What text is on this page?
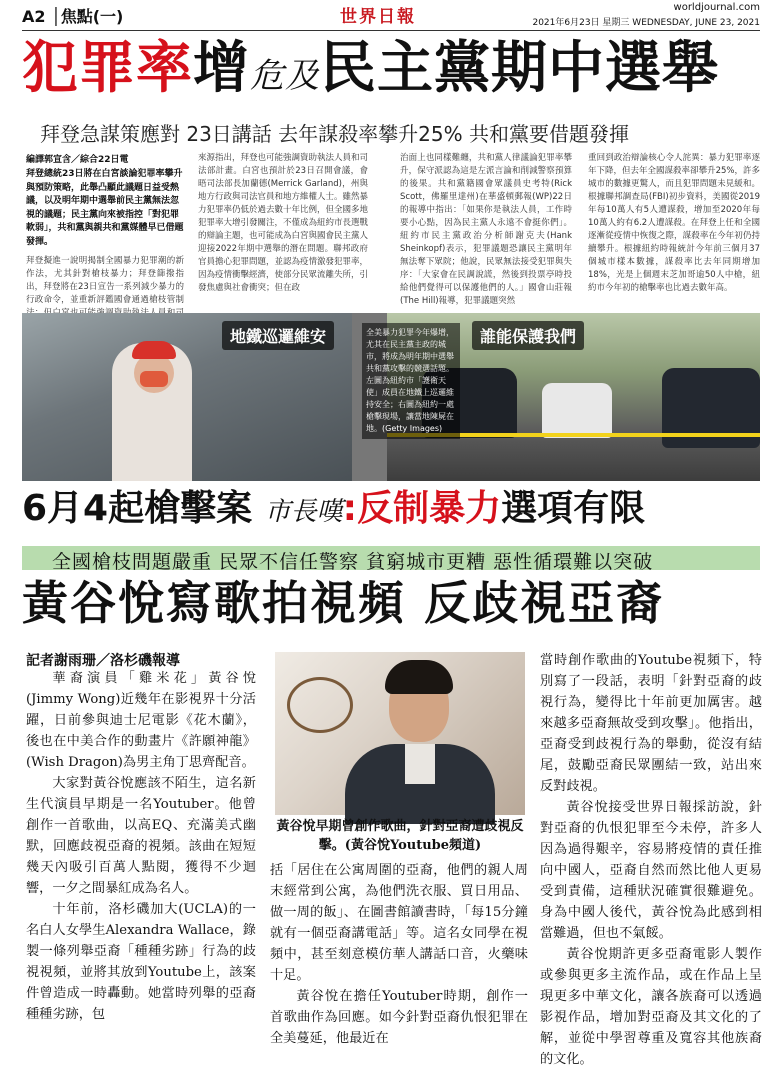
A2 │焦點(一)	世界日報	worldjournal.com
2021年6月23日 星期三 WEDNESDAY, JUNE 23, 2021
犯罪率增危及民主黨期中選舉
拜登急謀策應對 23日講話 去年謀殺率攀升25% 共和黨要借題發揮
編譯郭宣含／綜合22日電
拜登總統23日將在白宮談論犯罪率攀升與預防策略，此舉凸顯此議題日益受熱議，以及明年期中選舉前民主黨無法忽視的議題；民主黨向來被指控「對犯罪軟弱」，共和黨與親共和黨媒體早已借題發揮。
拜登擬進一說明揭制全國暴力犯罪潮的新作法，尤其針對槍枝暴力；拜登篩撥指出，拜登將在23日宣告一系列減少暴力的行政命令，並重新評鑑國會通過槍枝管制
來源指出，拜登也可能強調資助執法人員和司法部計畫。白宮也預計於23日召開會議，會晤司法部長加蘭德(Merrick Garland)，州與地方行政與司法官員和地方維權人士。雖然暴力犯罪率仍低於過去數十年比例，但全國多地犯罪率大增引發關注，不僅成為紐約市長選戰的辯論主題，也可能成為白宮與國會民主黨人迎接2022年期中選舉的潛在問題。聯邦政府官員擔心犯罪問題，並認為疫情激發犯罪率，因為疫情衝擊經濟，使部分民眾流離失所，引發焦慮與社會衝突；但在政
治面上也同樣難纏，共和黨人律議論犯罪率攀升，保守派認為這是左派言論和削減警察預算的後果。共和黨籍國會眾議員史考特(Rick Scott，佛羅里達州)在華盛頓郵報(WP)22日的報導中指出：「如果你是執法人員，工作時要小心點，因為民主黨人永遠不會挺你們」。紐約市民主黨政治分析師謝克夫(Hank Sheinkopf)表示，犯罪議題恐讓民主黨明年無法奪下眾院；他說，民眾無法接受犯罪與失序：「大家會在民調說謊，然後到投票亭時投給他們覺得可以保護他們的人。」國會山莊報(The Hill)報導，犯罪議題突然
重回到政治辯論核心令人詫異：暴力犯罪率逐年下降，但去年全國謀殺率卻攀升25%，許多城市的數據更驚人，而且犯罪問題未見緩和。根據聯邦調查局(FBI)初步資料，美國從2019年每10萬人有5人遭謀殺，增加至2020年每10萬人約有6.2人遭謀殺。在拜登上任和全國逐漸從疫情中恢復之際，謀殺率在今年初仍持續攀升。根據紐約時報統計今年前三個月37個城市樣本數據，謀殺率比去年同期增加18%，光是上個週末芝加哥逾50人中槍，紐約市今年初的槍擊率也比過去數年高。
地鐵巡邏維安	誰能保護我們
全美暴力犯罪今年爆增，尤其在民主黨主政的城市，將成為明年期中選舉共和黨攻擊的競選話題。左圖為紐約市「護衛天使」成員在地鐵上巡邏維持安全；右圖為紐約一處槍擊現場，讓當地陳屍在地。(Getty Images)
6月4起槍擊案 市長嘆:反制暴力選項有限
全國槍枝問題嚴重 民眾不信任警察 貧窮城市更糟 惡性循環難以突破
黃谷悅寫歌拍視頻 反歧視亞裔
記者謝雨珊／洛杉磯報導

華裔演員「雞米花」黃谷悅(Jimmy Wong)近幾年在影視界十分活躍，日前參與迪士尼電影《花木蘭》，後也在中美合作的動畫片《許願神龍》(Wish Dragon)為男主角丁思齊配音。

大家對黃谷悅應該不陌生，這名新生代演員早期是一名Youtuber。他曾創作一首歌曲，以高EQ、充滿美式幽默，回應歧視亞裔的視頻。該曲在短短幾天內吸引百萬人點閱，獲得不少迴響，一夕之間暴紅成為名人。

十年前，洛杉磯加大(UCLA)的一名白人女學生Alexandra Wallace，錄製一條列舉亞裔「種種劣跡」行為的歧視視頻，並將其放到Youtube上，該案件曾造成一時轟動。她當時列舉的亞裔種種劣跡，包

黃谷悅早期曾創作歌曲，針對亞裔遭歧視反擊。(黃谷悅Youtube頻道)

括「居住在公寓周圍的亞裔，他們的親人周末經常到公寓，為他們洗衣服、買日用品、做一周的飯」、在圖書館讀書時，「每15分鐘就有一個亞裔講電話」等。這名女同學在視頻中，甚至刻意模仿華人講話口音，火藥味十足。

黃谷悅在擔任Youtuber時期，創作一首歌曲作為回應。如今針對亞裔仇恨犯罪在全美蔓延，他最近在

當時創作歌曲的Youtube視頻下，特別寫了一段話，表明「針對亞裔的歧視行為，變得比十年前更加厲害。越來越多亞裔無故受到攻擊」。他指出，亞裔受到歧視行為的舉動，從沒有結尾，鼓勵亞裔民眾團結一致，站出來反對歧視。

黃谷悅接受世界日報採訪說，針對亞裔的仇恨犯罪至今未停，許多人因為過得艱辛，容易將疫情的責任推向中國人，亞裔自然而然比他人更易受到責備，這種狀況確實很難避免。身為中國人後代，黃谷悅為此感到相當難過，但也不氣餒。

黃谷悅期許更多亞裔電影人製作或參與更多主流作品，或在作品上呈現更多中華文化，讓各族裔可以透過影視作品，增加對亞裔及其文化的了解，並從中學習尊重及寬容其他族裔的文化。
